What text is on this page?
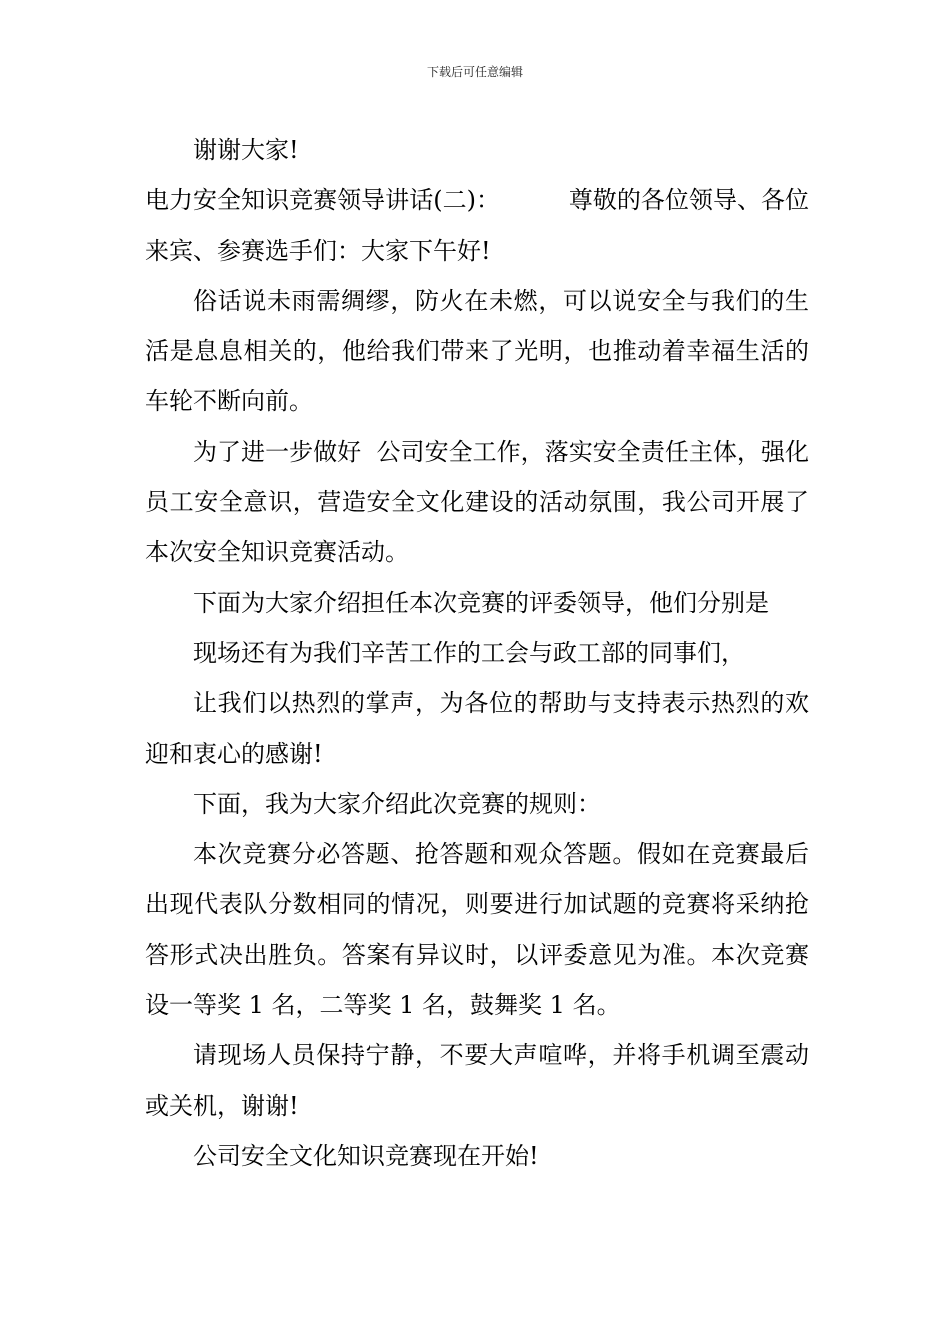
下载后可任意编辑

谢谢大家!

电力安全知识竞赛领导讲话(二)：         尊敬的各位领导、各位来宾、参赛选手们：大家下午好!

俗话说未雨需绸缪，防火在未燃，可以说安全与我们的生活是息息相关的，他给我们带来了光明，也推动着幸福生活的车轮不断向前。

为了进一步做好  公司安全工作，落实安全责任主体，强化员工安全意识，营造安全文化建设的活动氛围，我公司开展了本次安全知识竞赛活动。

下面为大家介绍担任本次竞赛的评委领导，他们分别是

现场还有为我们辛苦工作的工会与政工部的同事们，

让我们以热烈的掌声，为各位的帮助与支持表示热烈的欢迎和衷心的感谢!

下面，我为大家介绍此次竞赛的规则：

本次竞赛分必答题、抢答题和观众答题。假如在竞赛最后出现代表队分数相同的情况，则要进行加试题的竞赛将采纳抢答形式决出胜负。答案有异议时，以评委意见为准。本次竞赛设一等奖 1 名，二等奖 1 名，鼓舞奖 1 名。

请现场人员保持宁静，不要大声喧哗，并将手机调至震动或关机，谢谢!

公司安全文化知识竞赛现在开始!
